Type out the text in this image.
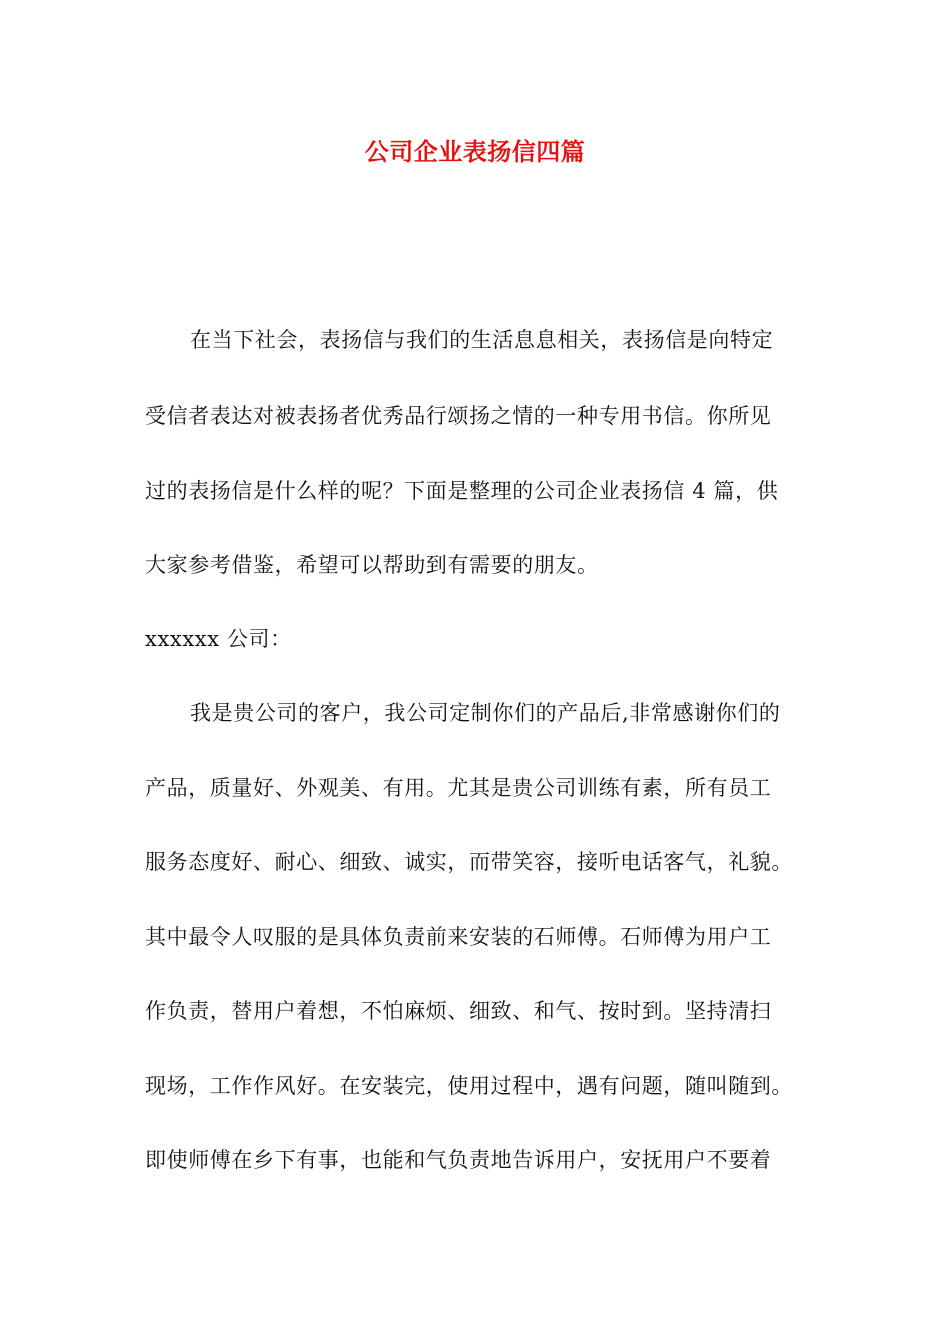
公司企业表扬信四篇
在当下社会，表扬信与我们的生活息息相关，表扬信是向特定
受信者表达对被表扬者优秀品行颂扬之情的一种专用书信。你所见
过的表扬信是什么样的呢？下面是整理的公司企业表扬信 4 篇，供
大家参考借鉴，希望可以帮助到有需要的朋友。
xxxxxx 公司：
我是贵公司的客户，我公司定制你们的产品后,非常感谢你们的
产品，质量好、外观美、有用。尤其是贵公司训练有素，所有员工
服务态度好、耐心、细致、诚实，而带笑容，接听电话客气，礼貌。
其中最令人叹服的是具体负责前来安装的石师傅。石师傅为用户工
作负责，替用户着想，不怕麻烦、细致、和气、按时到。坚持清扫
现场，工作作风好。在安装完，使用过程中，遇有问题，随叫随到。
即使师傅在乡下有事，也能和气负责地告诉用户，安抚用户不要着
